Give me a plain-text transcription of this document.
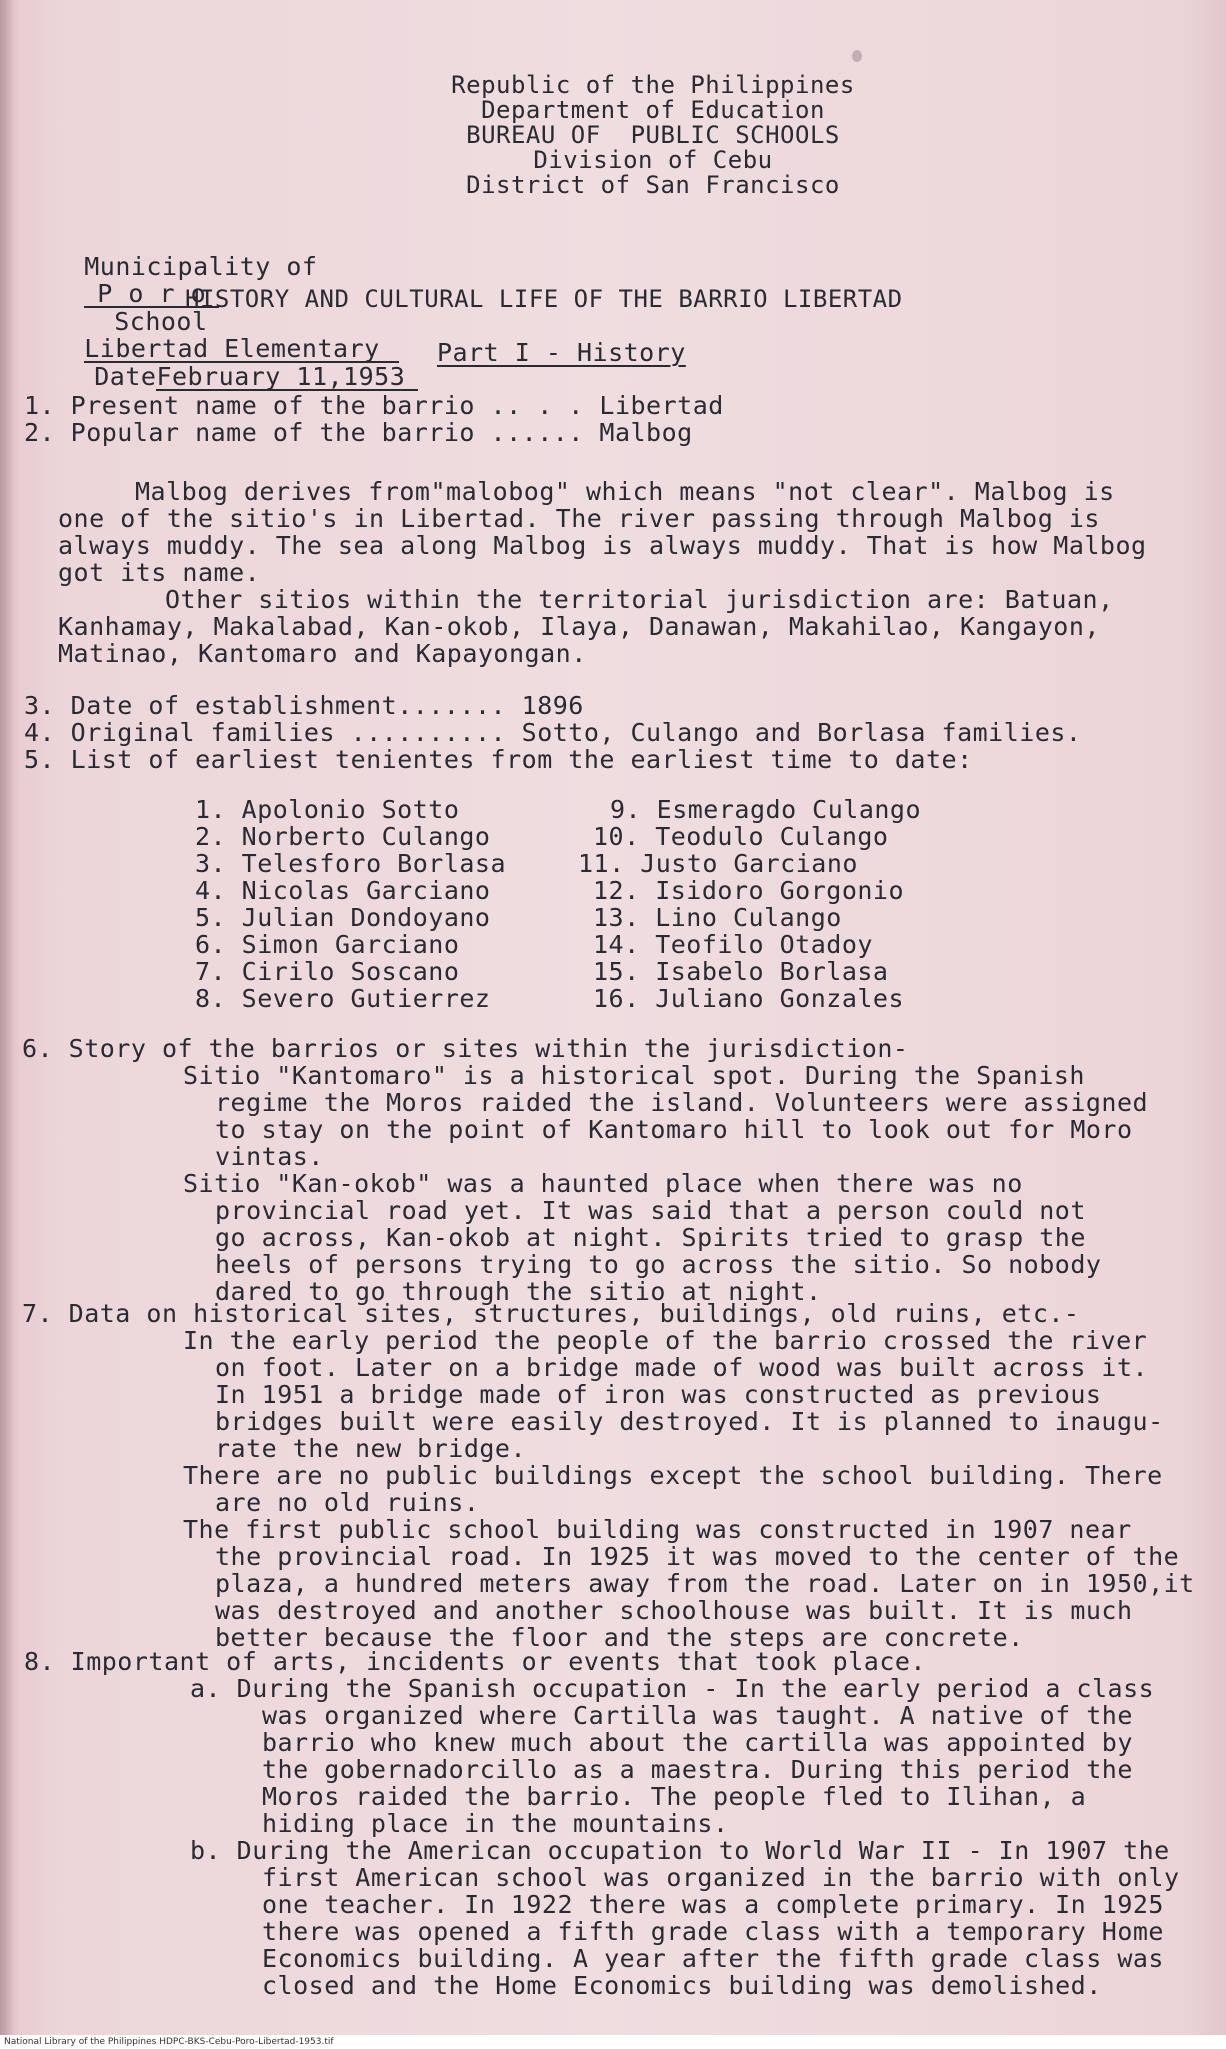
Republic of the Philippines
Department of Education
BUREAU OF  PUBLIC SCHOOLS
Division of Cebu
District of San Francisco

Municipality of
P o r o
School
Libertad Elementary
DateFebruary 11,1953

HISTORY AND CULTURAL LIFE OF THE BARRIO LIBERTAD
Part I - History
1. Present name of the barrio .. . . Libertad
2. Popular name of the barrio ...... Malbog
Malbog derives from"malobog" which means "not clear". Malbog is
one of the sitio's in Libertad. The river passing through Malbog is
always muddy. The sea along Malbog is always muddy. That is how Malbog
got its name.
Other sitios within the territorial jurisdiction are: Batuan,
Kanhamay, Makalabad, Kan-okob, Ilaya, Danawan, Makahilao, Kangayon,
Matinao, Kantomaro and Kapayongan.
3. Date of establishment....... 1896
4. Original families .......... Sotto, Culango and Borlasa families.
5. List of earliest tenientes from the earliest time to date:
1. Apolonio Sotto
2. Norberto Culango
3. Telesforo Borlasa
4. Nicolas Garciano
5. Julian Dondoyano
6. Simon Garciano
7. Cirilo Soscano
8. Severo Gutierrez
9. Esmeragdo Culango
10. Teodulo Culango
11. Justo Garciano
12. Isidoro Gorgonio
13. Lino Culango
14. Teofilo Otadoy
15. Isabelo Borlasa
16. Juliano Gonzales
6. Story of the barrios or sites within the jurisdiction-
Sitio "Kantomaro" is a historical spot. During the Spanish
regime the Moros raided the island. Volunteers were assigned
to stay on the point of Kantomaro hill to look out for Moro
vintas.
Sitio "Kan-okob" was a haunted place when there was no
provincial road yet. It was said that a person could not
go across, Kan-okob at night. Spirits tried to grasp the
heels of persons trying to go across the sitio. So nobody
dared to go through the sitio at night.
7. Data on historical sites, structures, buildings, old ruins, etc.-
In the early period the people of the barrio crossed the river
on foot. Later on a bridge made of wood was built across it.
In 1951 a bridge made of iron was constructed as previous
bridges built were easily destroyed. It is planned to inaugu-
rate the new bridge.
There are no public buildings except the school building. There
are no old ruins.
The first public school building was constructed in 1907 near
the provincial road. In 1925 it was moved to the center of the
plaza, a hundred meters away from the road. Later on in 1950,it
was destroyed and another schoolhouse was built. It is much
better because the floor and the steps are concrete.
8. Important of arts, incidents or events that took place.
a. During the Spanish occupation - In the early period a class
was organized where Cartilla was taught. A native of the
barrio who knew much about the cartilla was appointed by
the gobernadorcillo as a maestra. During this period the
Moros raided the barrio. The people fled to Ilihan, a
hiding place in the mountains.
b. During the American occupation to World War II - In 1907 the
first American school was organized in the barrio with only
one teacher. In 1922 there was a complete primary. In 1925
there was opened a fifth grade class with a temporary Home
Economics building. A year after the fifth grade class was
closed and the Home Economics building was demolished.
National Library of the Philippines HDPC-BKS-Cebu-Poro-Libertad-1953.tif
